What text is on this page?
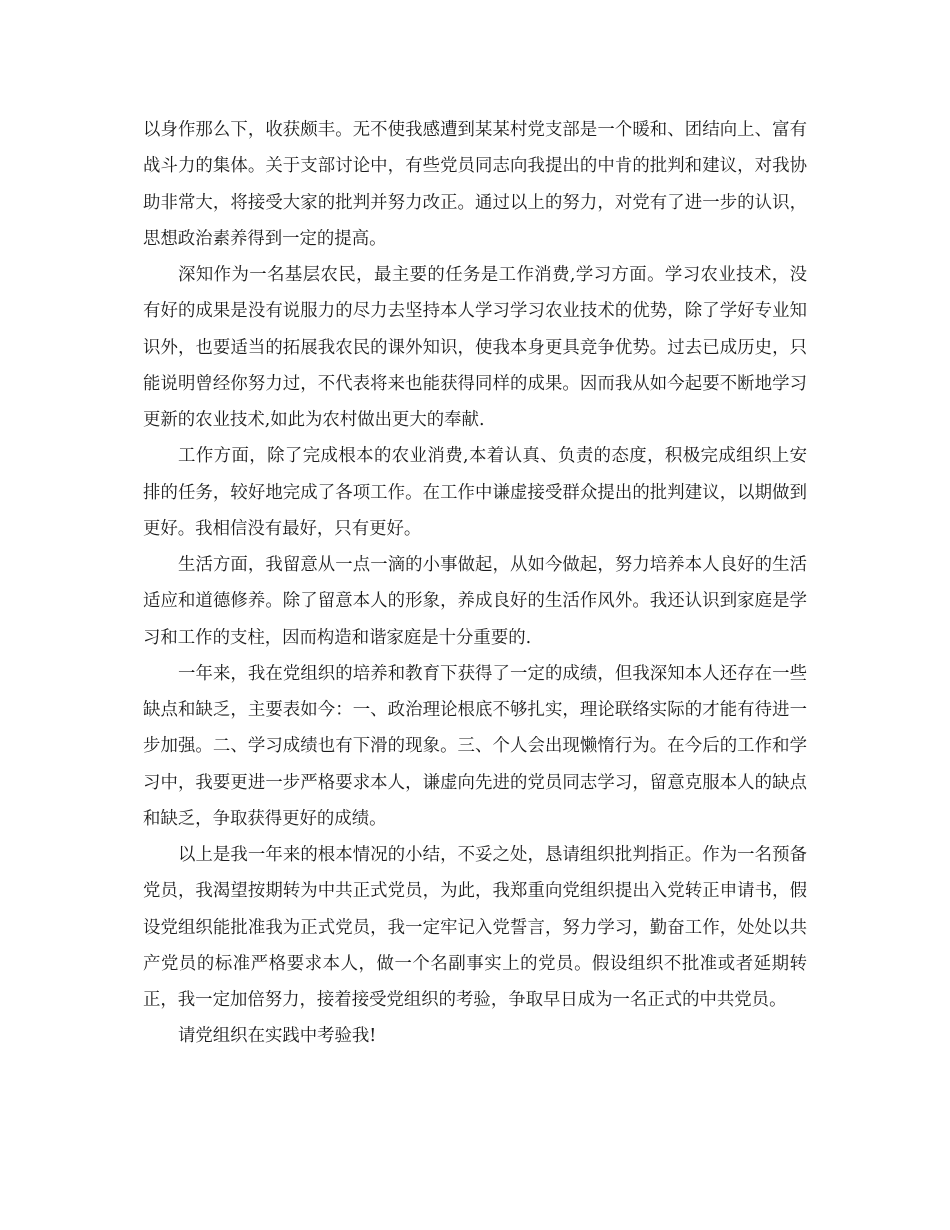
以身作那么下，收获颇丰。无不使我感遭到某某村党支部是一个暖和、团结向上、富有战斗力的集体。关于支部讨论中，有些党员同志向我提出的中肯的批判和建议，对我协助非常大，将接受大家的批判并努力改正。通过以上的努力，对党有了进一步的认识，思想政治素养得到一定的提高。

深知作为一名基层农民，最主要的任务是工作消费,学习方面。学习农业技术，没有好的成果是没有说服力的尽力去坚持本人学习学习农业技术的优势，除了学好专业知识外，也要适当的拓展我农民的课外知识，使我本身更具竞争优势。过去已成历史，只能说明曾经你努力过，不代表将来也能获得同样的成果。因而我从如今起要不断地学习更新的农业技术,如此为农村做出更大的奉献.

工作方面，除了完成根本的农业消费,本着认真、负责的态度，积极完成组织上安排的任务，较好地完成了各项工作。在工作中谦虚接受群众提出的批判建议，以期做到更好。我相信没有最好，只有更好。

生活方面，我留意从一点一滴的小事做起，从如今做起，努力培养本人良好的生活适应和道德修养。除了留意本人的形象，养成良好的生活作风外。我还认识到家庭是学习和工作的支柱，因而构造和谐家庭是十分重要的.

一年来，我在党组织的培养和教育下获得了一定的成绩，但我深知本人还存在一些缺点和缺乏，主要表如今：一、政治理论根底不够扎实，理论联络实际的才能有待进一步加强。二、学习成绩也有下滑的现象。三、个人会出现懒惰行为。在今后的工作和学习中，我要更进一步严格要求本人，谦虚向先进的党员同志学习，留意克服本人的缺点和缺乏，争取获得更好的成绩。

以上是我一年来的根本情况的小结，不妥之处，恳请组织批判指正。作为一名预备党员，我渴望按期转为中共正式党员，为此，我郑重向党组织提出入党转正申请书，假设党组织能批准我为正式党员，我一定牢记入党誓言，努力学习，勤奋工作，处处以共产党员的标准严格要求本人，做一个名副事实上的党员。假设组织不批准或者延期转正，我一定加倍努力，接着接受党组织的考验，争取早日成为一名正式的中共党员。

请党组织在实践中考验我!
